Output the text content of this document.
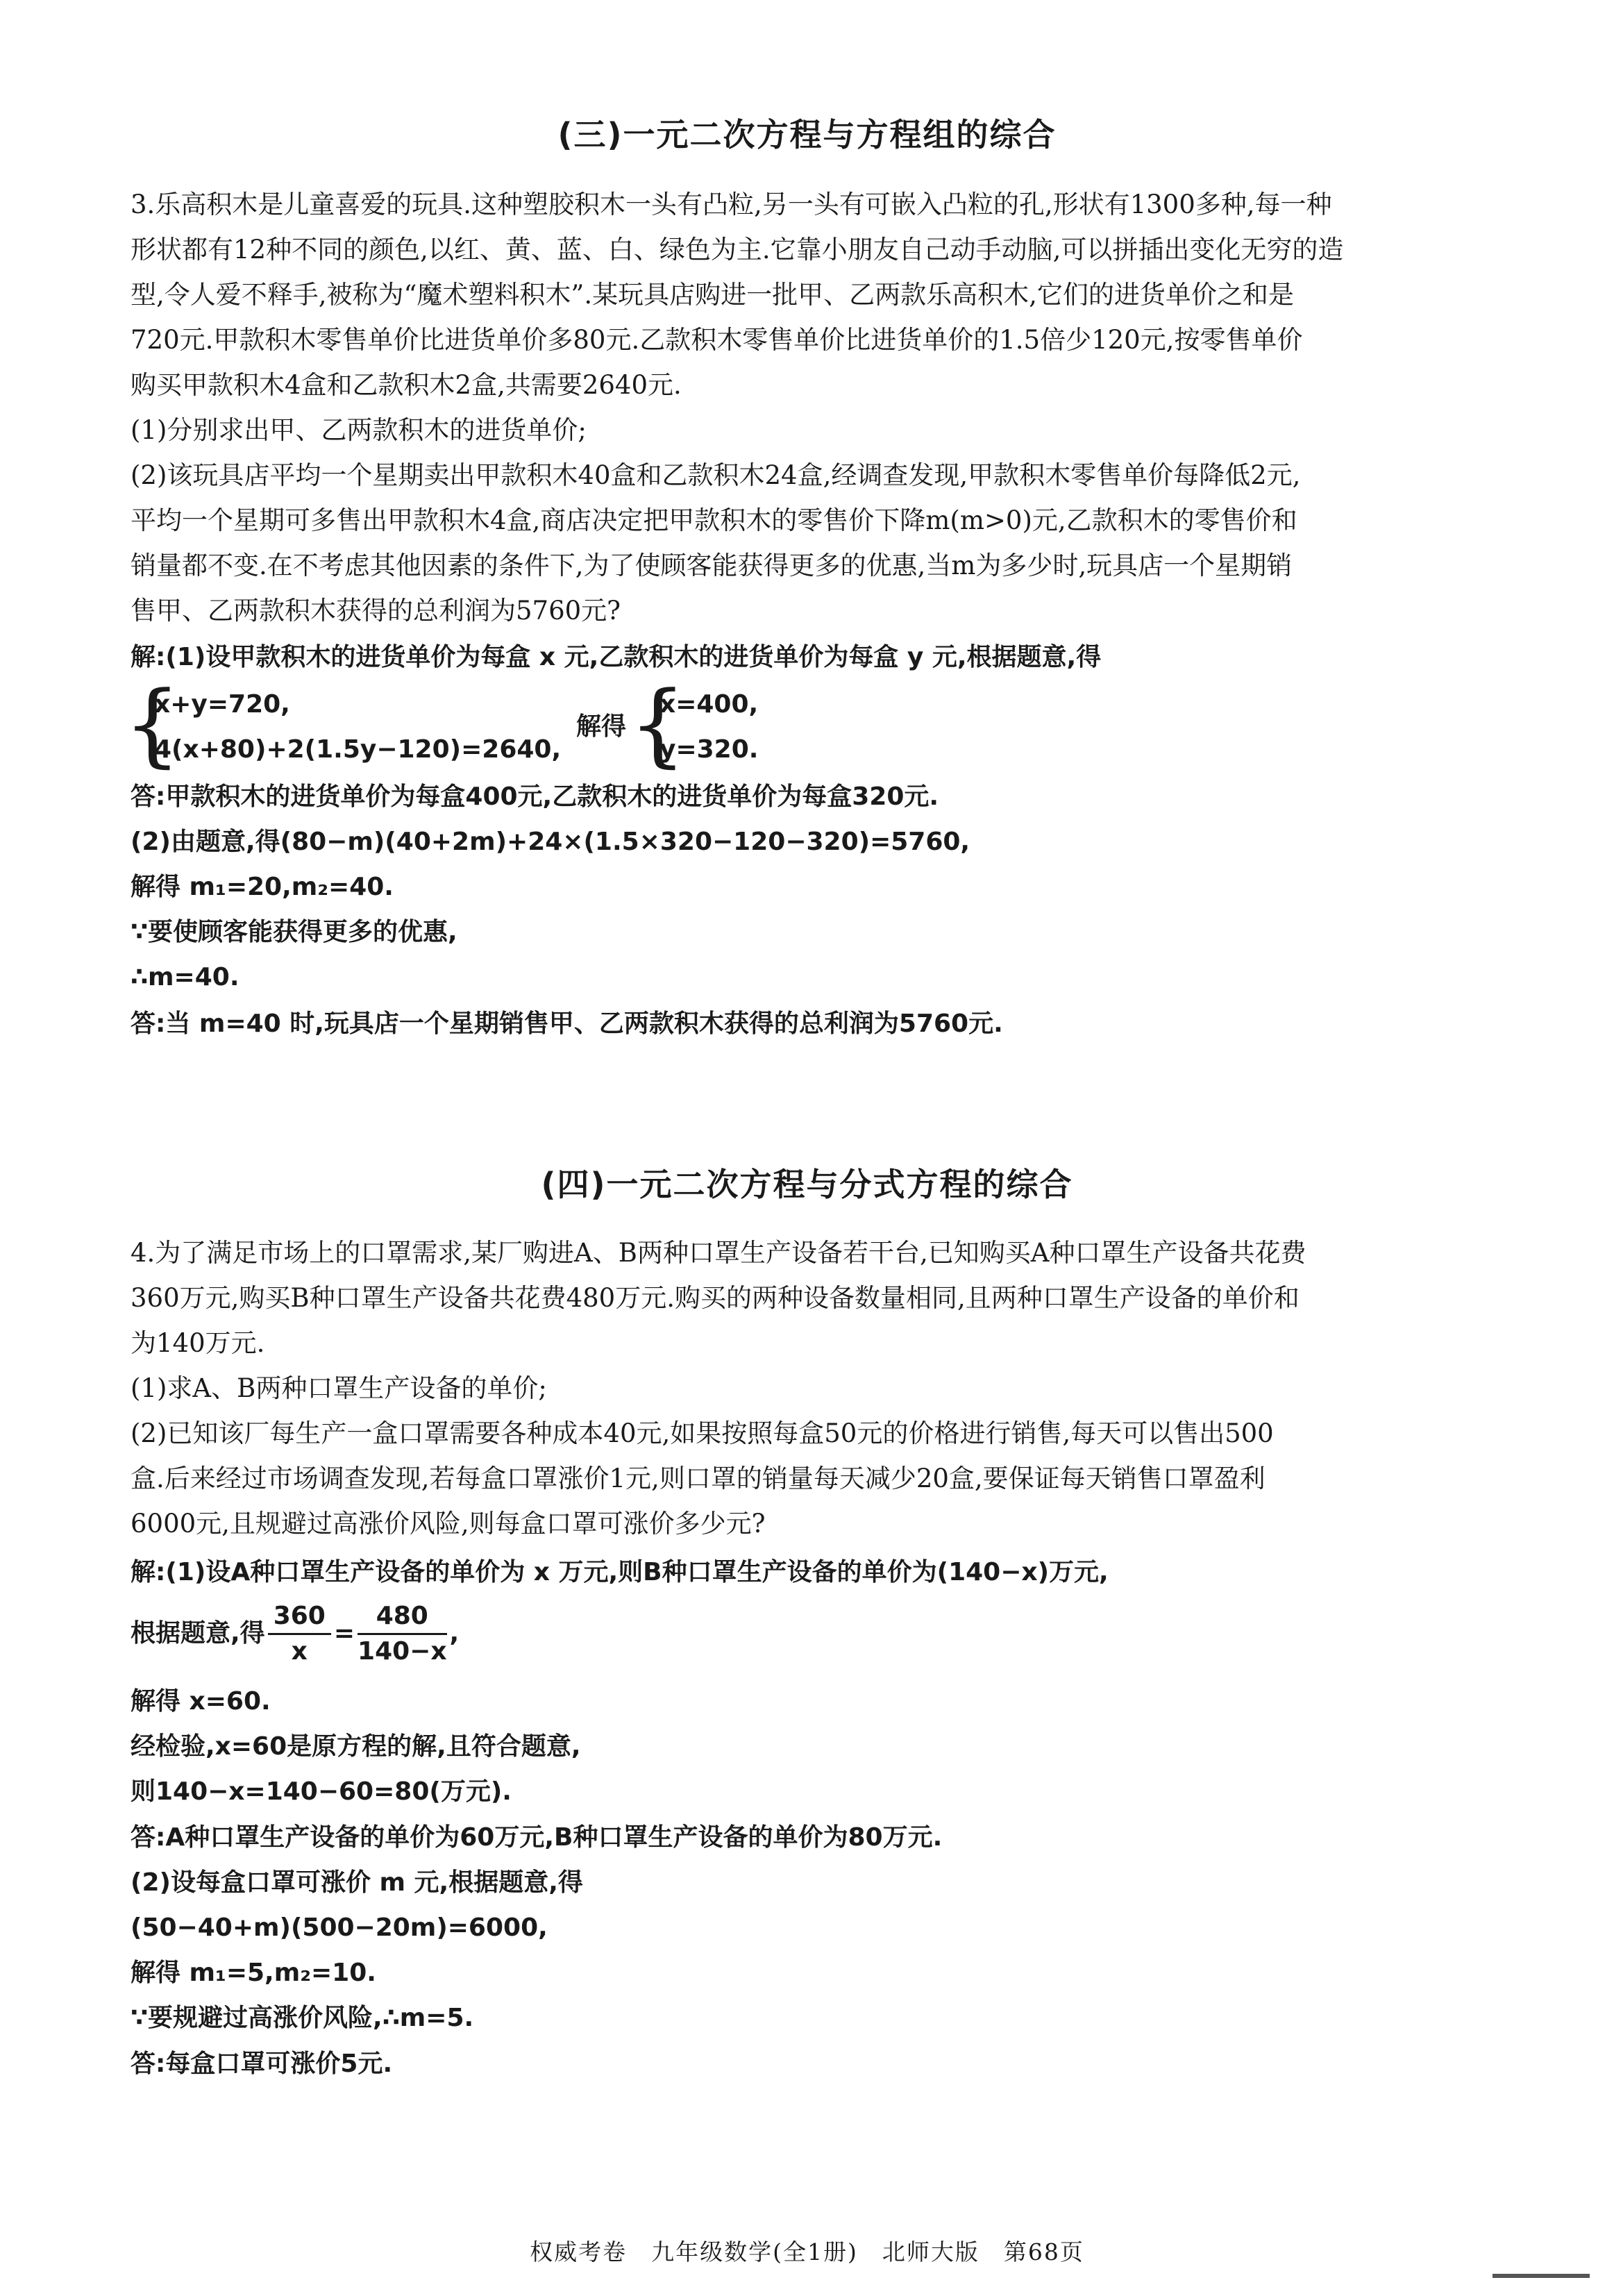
(三)一元二次方程与方程组的综合
3.乐高积木是儿童喜爱的玩具.这种塑胶积木一头有凸粒,另一头有可嵌入凸粒的孔,形状有1300多种,每一种
形状都有12种不同的颜色,以红、黄、蓝、白、绿色为主.它靠小朋友自己动手动脑,可以拼插出变化无穷的造
型,令人爱不释手,被称为“魔术塑料积木”.某玩具店购进一批甲、乙两款乐高积木,它们的进货单价之和是
720元.甲款积木零售单价比进货单价多80元.乙款积木零售单价比进货单价的1.5倍少120元,按零售单价
购买甲款积木4盒和乙款积木2盒,共需要2640元.
(1)分别求出甲、乙两款积木的进货单价;
(2)该玩具店平均一个星期卖出甲款积木40盒和乙款积木24盒,经调查发现,甲款积木零售单价每降低2元,
平均一个星期可多售出甲款积木4盒,商店决定把甲款积木的零售价下降m(m>0)元,乙款积木的零售价和
销量都不变.在不考虑其他因素的条件下,为了使顾客能获得更多的优惠,当m为多少时,玩具店一个星期销
售甲、乙两款积木获得的总利润为5760元?
解:(1)设甲款积木的进货单价为每盒 x 元,乙款积木的进货单价为每盒 y 元,根据题意,得
{
x+y=720,
4(x+80)+2(1.5y−120)=2640,
解得 {
x=400,
y=320.
答:甲款积木的进货单价为每盒400元,乙款积木的进货单价为每盒320元.
(2)由题意,得(80−m)(40+2m)+24×(1.5×320−120−320)=5760,
解得 m₁=20,m₂=40.
∵要使顾客能获得更多的优惠,
∴m=40.
答:当 m=40 时,玩具店一个星期销售甲、乙两款积木获得的总利润为5760元.
(四)一元二次方程与分式方程的综合
4.为了满足市场上的口罩需求,某厂购进A、B两种口罩生产设备若干台,已知购买A种口罩生产设备共花费
360万元,购买B种口罩生产设备共花费480万元.购买的两种设备数量相同,且两种口罩生产设备的单价和
为140万元.
(1)求A、B两种口罩生产设备的单价;
(2)已知该厂每生产一盒口罩需要各种成本40元,如果按照每盒50元的价格进行销售,每天可以售出500
盒.后来经过市场调查发现,若每盒口罩涨价1元,则口罩的销量每天减少20盒,要保证每天销售口罩盈利
6000元,且规避过高涨价风险,则每盒口罩可涨价多少元?
解:(1)设A种口罩生产设备的单价为 x 万元,则B种口罩生产设备的单价为(140−x)万元,
根据题意,得 $\frac{360}{x} = \frac{480}{140-x}$ ,
解得 x=60.
经检验,x=60是原方程的解,且符合题意,
则140−x=140−60=80(万元).
答:A种口罩生产设备的单价为60万元,B种口罩生产设备的单价为80万元.
(2)设每盒口罩可涨价 m 元,根据题意,得
(50−40+m)(500−20m)=6000,
解得 m₁=5,m₂=10.
∵要规避过高涨价风险,∴m=5.
答:每盒口罩可涨价5元.
权威考卷　九年级数学(全1册)　北师大版　第68页
